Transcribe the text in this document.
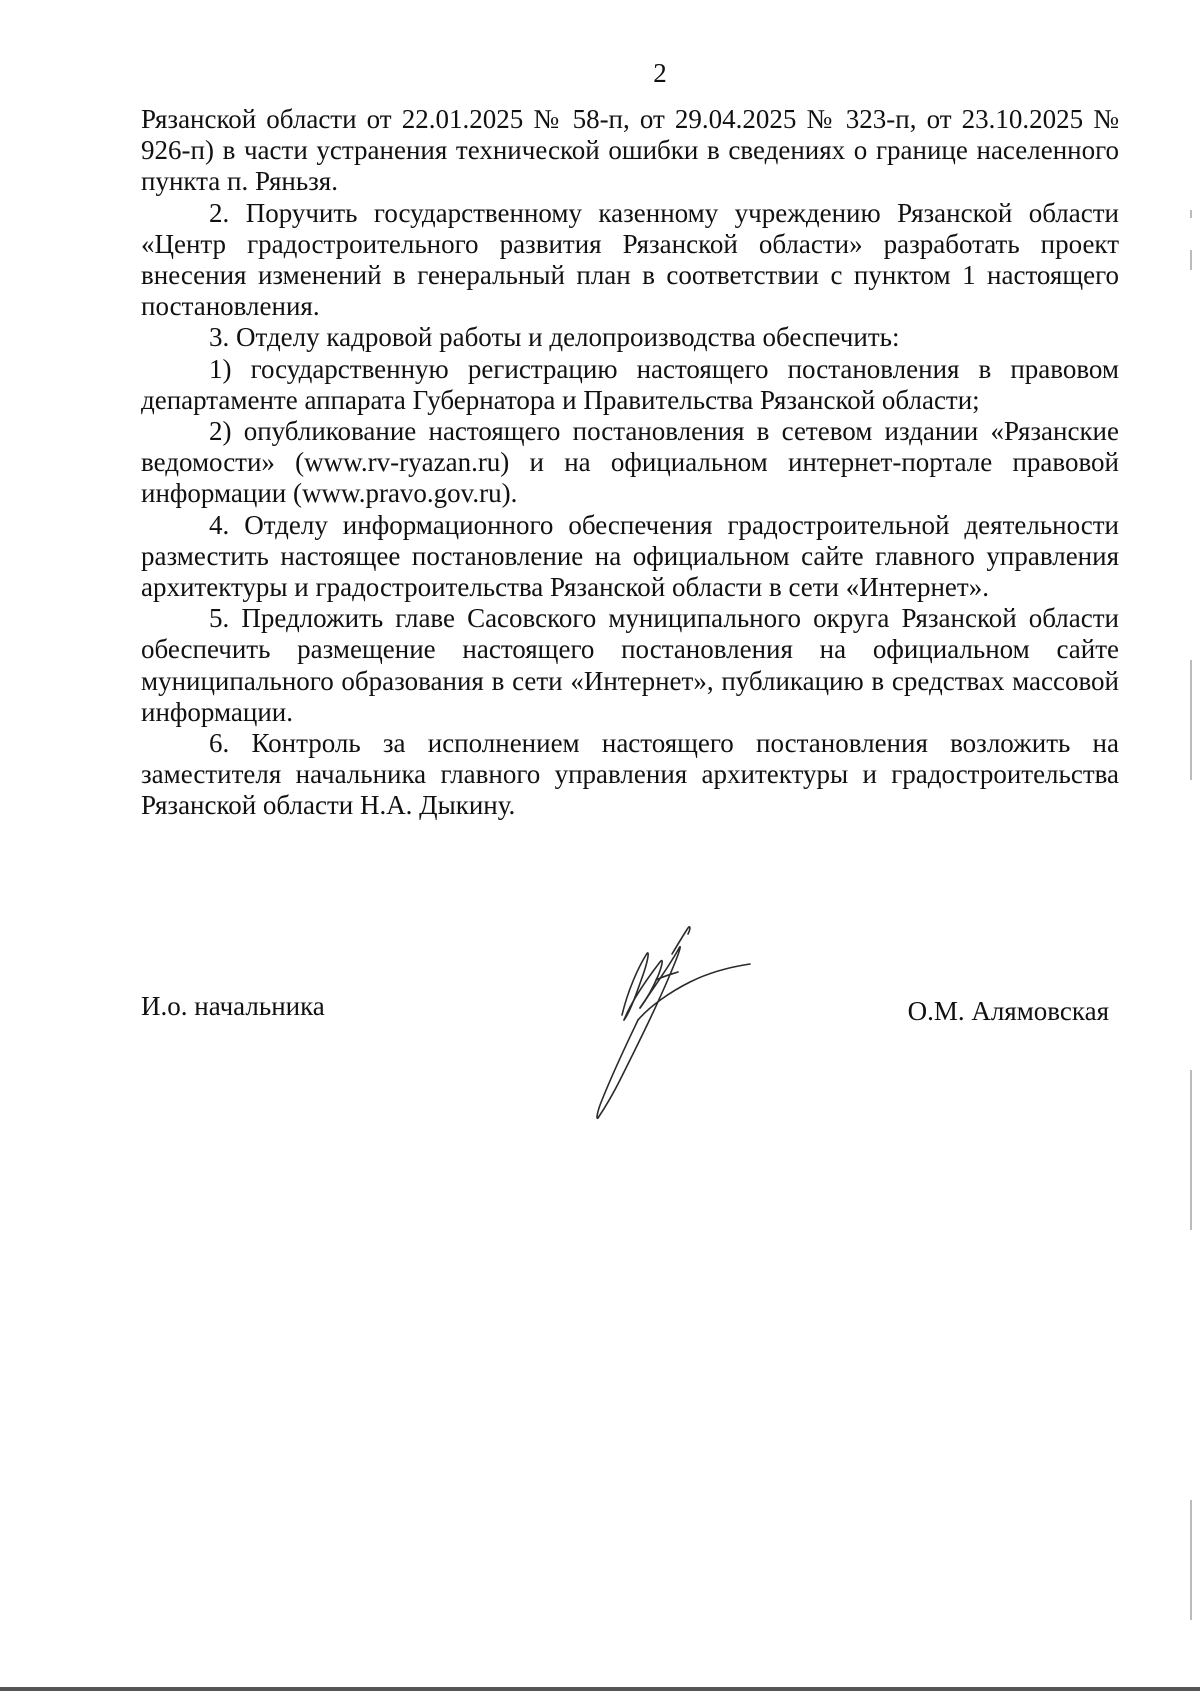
2

Рязанской области от 22.01.2025 № 58-п, от 29.04.2025 № 323-п, от 23.10.2025 № 926-п) в части устранения технической ошибки в сведениях о границе населенного пункта п. Ряньзя.

2. Поручить государственному казенному учреждению Рязанской области «Центр градостроительного развития Рязанской области» разработать проект внесения изменений в генеральный план в соответствии с пунктом 1 настоящего постановления.

3. Отделу кадровой работы и делопроизводства обеспечить:

1) государственную регистрацию настоящего постановления в правовом департаменте аппарата Губернатора и Правительства Рязанской области;

2) опубликование настоящего постановления в сетевом издании «Рязанские ведомости» (www.rv-ryazan.ru) и на официальном интернет-портале правовой информации (www.pravo.gov.ru).

4. Отделу информационного обеспечения градостроительной деятельности разместить настоящее постановление на официальном сайте главного управления архитектуры и градостроительства Рязанской области в сети «Интернет».

5. Предложить главе Сасовского муниципального округа Рязанской области обеспечить размещение настоящего постановления на официальном сайте муниципального образования в сети «Интернет», публикацию в средствах массовой информации.

6. Контроль за исполнением настоящего постановления возложить на заместителя начальника главного управления архитектуры и градостроительства Рязанской области Н.А. Дыкину.

И.о. начальника	О.М. Алямовская
